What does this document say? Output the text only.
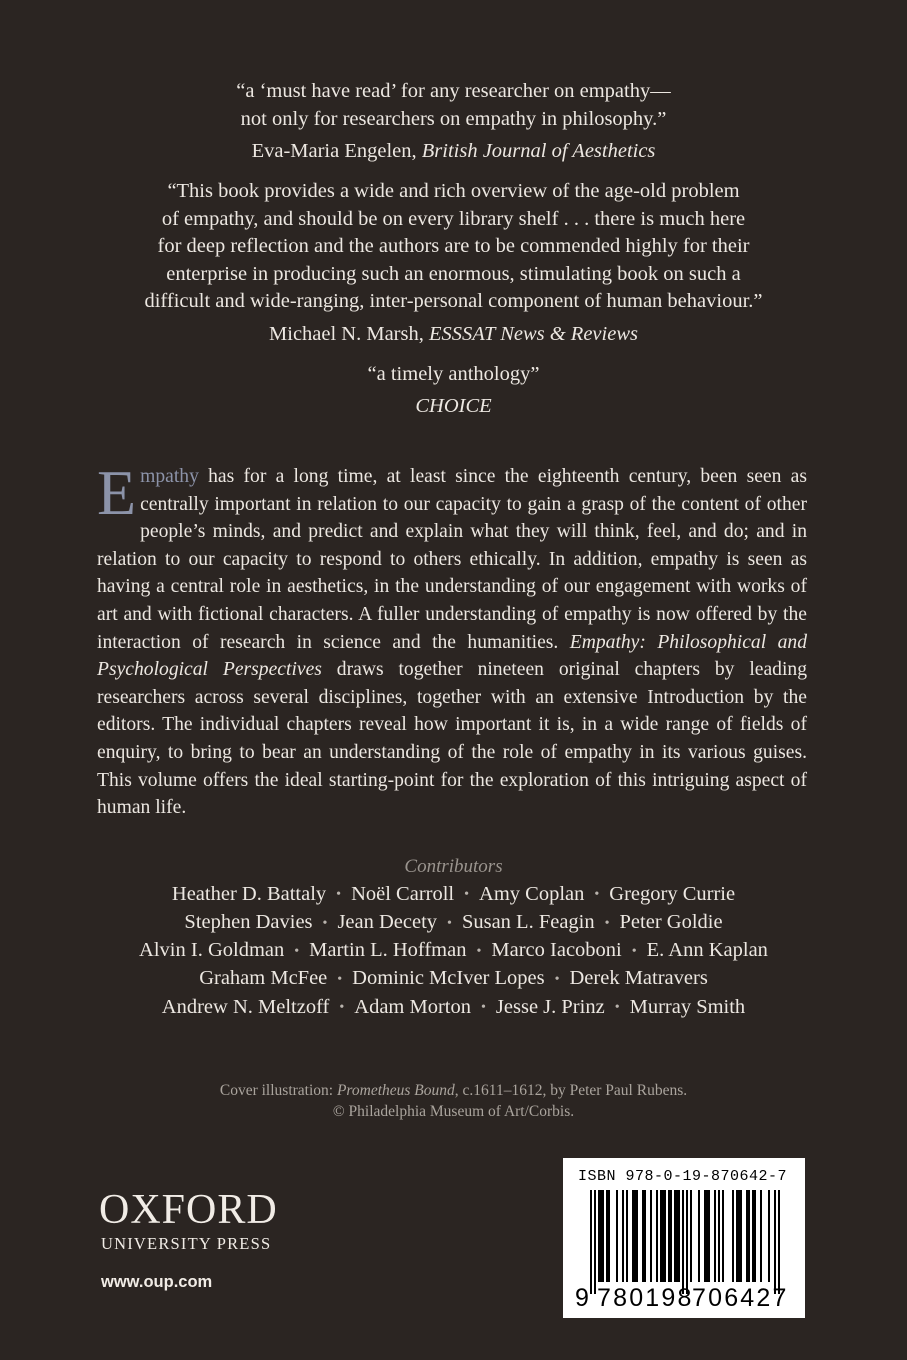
“a ‘must have read’ for any researcher on empathy—
not only for researchers on empathy in philosophy.”
Eva-Maria Engelen, British Journal of Aesthetics
“This book provides a wide and rich overview of the age-old problem
of empathy, and should be on every library shelf . . . there is much here
for deep reflection and the authors are to be commended highly for their
enterprise in producing such an enormous, stimulating book on such a
difficult and wide-ranging, inter-personal component of human behaviour.”
Michael N. Marsh, ESSSAT News & Reviews
“a timely anthology”
CHOICE
Empathy has for a long time, at least since the eighteenth century, been seen as centrally important in relation to our capacity to gain a grasp of the content of other people’s minds, and predict and explain what they will think, feel, and do; and in relation to our capacity to respond to others ethically. In addition, empathy is seen as having a central role in aesthetics, in the understanding of our engagement with works of art and with fictional characters. A fuller understanding of empathy is now offered by the interaction of research in science and the humanities. Empathy: Philosophical and Psychological Perspectives draws together nineteen original chapters by leading researchers across several disciplines, together with an extensive Introduction by the editors. The individual chapters reveal how important it is, in a wide range of fields of enquiry, to bring to bear an understanding of the role of empathy in its various guises. This volume offers the ideal starting-point for the exploration of this intriguing aspect of human life.
Contributors
Heather D. Battaly • Noël Carroll • Amy Coplan • Gregory Currie
Stephen Davies • Jean Decety • Susan L. Feagin • Peter Goldie
Alvin I. Goldman • Martin L. Hoffman • Marco Iacoboni • E. Ann Kaplan
Graham McFee • Dominic McIver Lopes • Derek Matravers
Andrew N. Meltzoff • Adam Morton • Jesse J. Prinz • Murray Smith
Cover illustration: Prometheus Bound, c.1611–1612, by Peter Paul Rubens.
© Philadelphia Museum of Art/Corbis.
OXFORD
UNIVERSITY PRESS
www.oup.com
ISBN 978-0-19-870642-7
9 780198
706427
